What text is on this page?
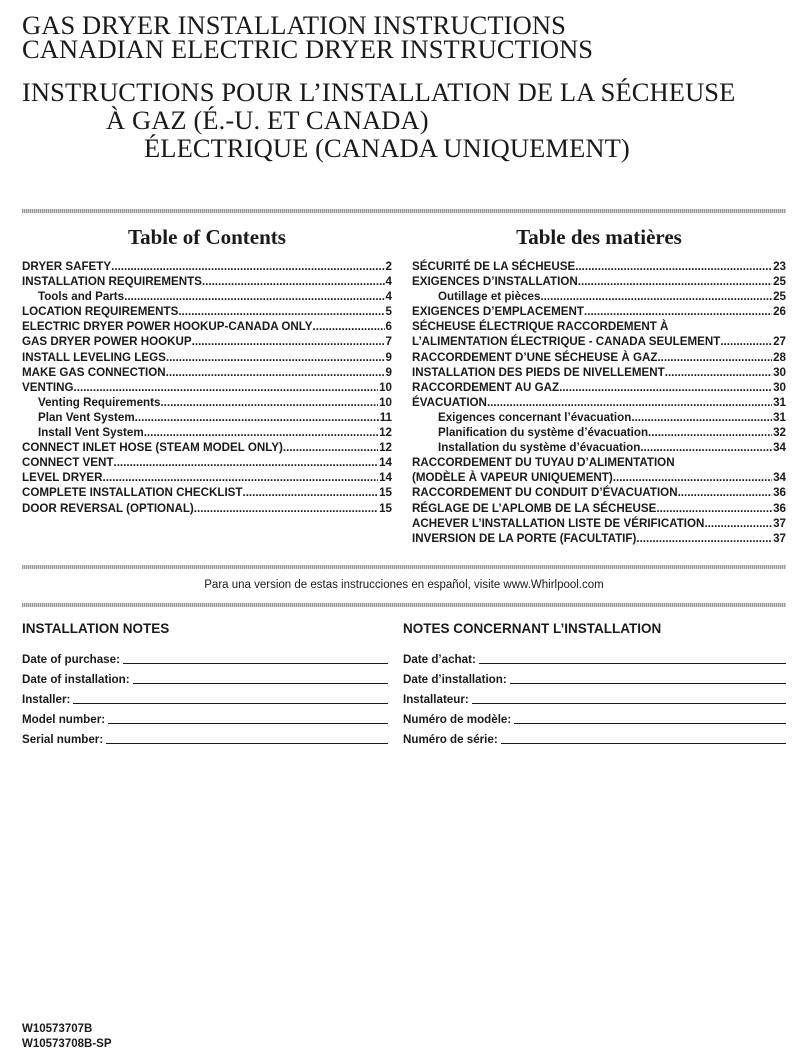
GAS DRYER INSTALLATION INSTRUCTIONS
CANADIAN ELECTRIC DRYER INSTRUCTIONS
INSTRUCTIONS POUR L’INSTALLATION DE LA SÉCHEUSE
À GAZ (É.-U. ET CANADA)
ÉLECTRIQUE (CANADA UNIQUEMENT)
Table of Contents
DRYER SAFETY .....	2
INSTALLATION REQUIREMENTS .....	4
Tools and Parts .....	4
LOCATION REQUIREMENTS .....	5
ELECTRIC DRYER POWER HOOKUP-CANADA ONLY .....	6
GAS DRYER POWER HOOKUP .....	7
INSTALL LEVELING LEGS .....	9
MAKE GAS CONNECTION .....	9
VENTING .....	10
Venting Requirements .....	10
Plan Vent System .....	11
Install Vent System .....	12
CONNECT INLET HOSE (STEAM MODEL ONLY) .....	12
CONNECT VENT .....	14
LEVEL DRYER .....	14
COMPLETE INSTALLATION CHECKLIST .....	15
DOOR REVERSAL (OPTIONAL) .....	15
Table des matières
SÉCURITÉ DE LA SÉCHEUSE .....	23
EXIGENCES D’INSTALLATION .....	25
Outillage et pièces .....	25
EXIGENCES D’EMPLACEMENT .....	26
SÉCHEUSE ÉLECTRIQUE RACCORDEMENT À
L’ALIMENTATION ÉLECTRIQUE - CANADA SEULEMENT .....	27
RACCORDEMENT D’UNE SÉCHEUSE À GAZ .....	28
INSTALLATION DES PIEDS DE NIVELLEMENT .....	30
RACCORDEMENT AU GAZ .....	30
ÉVACUATION .....	31
Exigences concernant l’évacuation .....	31
Planification du système d’évacuation .....	32
Installation du système d’évacuation .....	34
RACCORDEMENT DU TUYAU D’ALIMENTATION
(MODÈLE À VAPEUR UNIQUEMENT) .....	34
RACCORDEMENT DU CONDUIT D’ÉVACUATION .....	36
RÉGLAGE DE L’APLOMB DE LA SÉCHEUSE .....	36
ACHEVER L’INSTALLATION LISTE DE VÉRIFICATION .....	37
INVERSION DE LA PORTE (FACULTATIF) .....	37
Para una version de estas instrucciones en español, visite www.Whirlpool.com
INSTALLATION NOTES
Date of purchase:
Date of installation:
Installer:
Model number:
Serial number:
NOTES CONCERNANT L’INSTALLATION
Date d’achat:
Date d’installation:
Installateur:
Numéro de modèle:
Numéro de série:
W10573707B
W10573708B-SP
